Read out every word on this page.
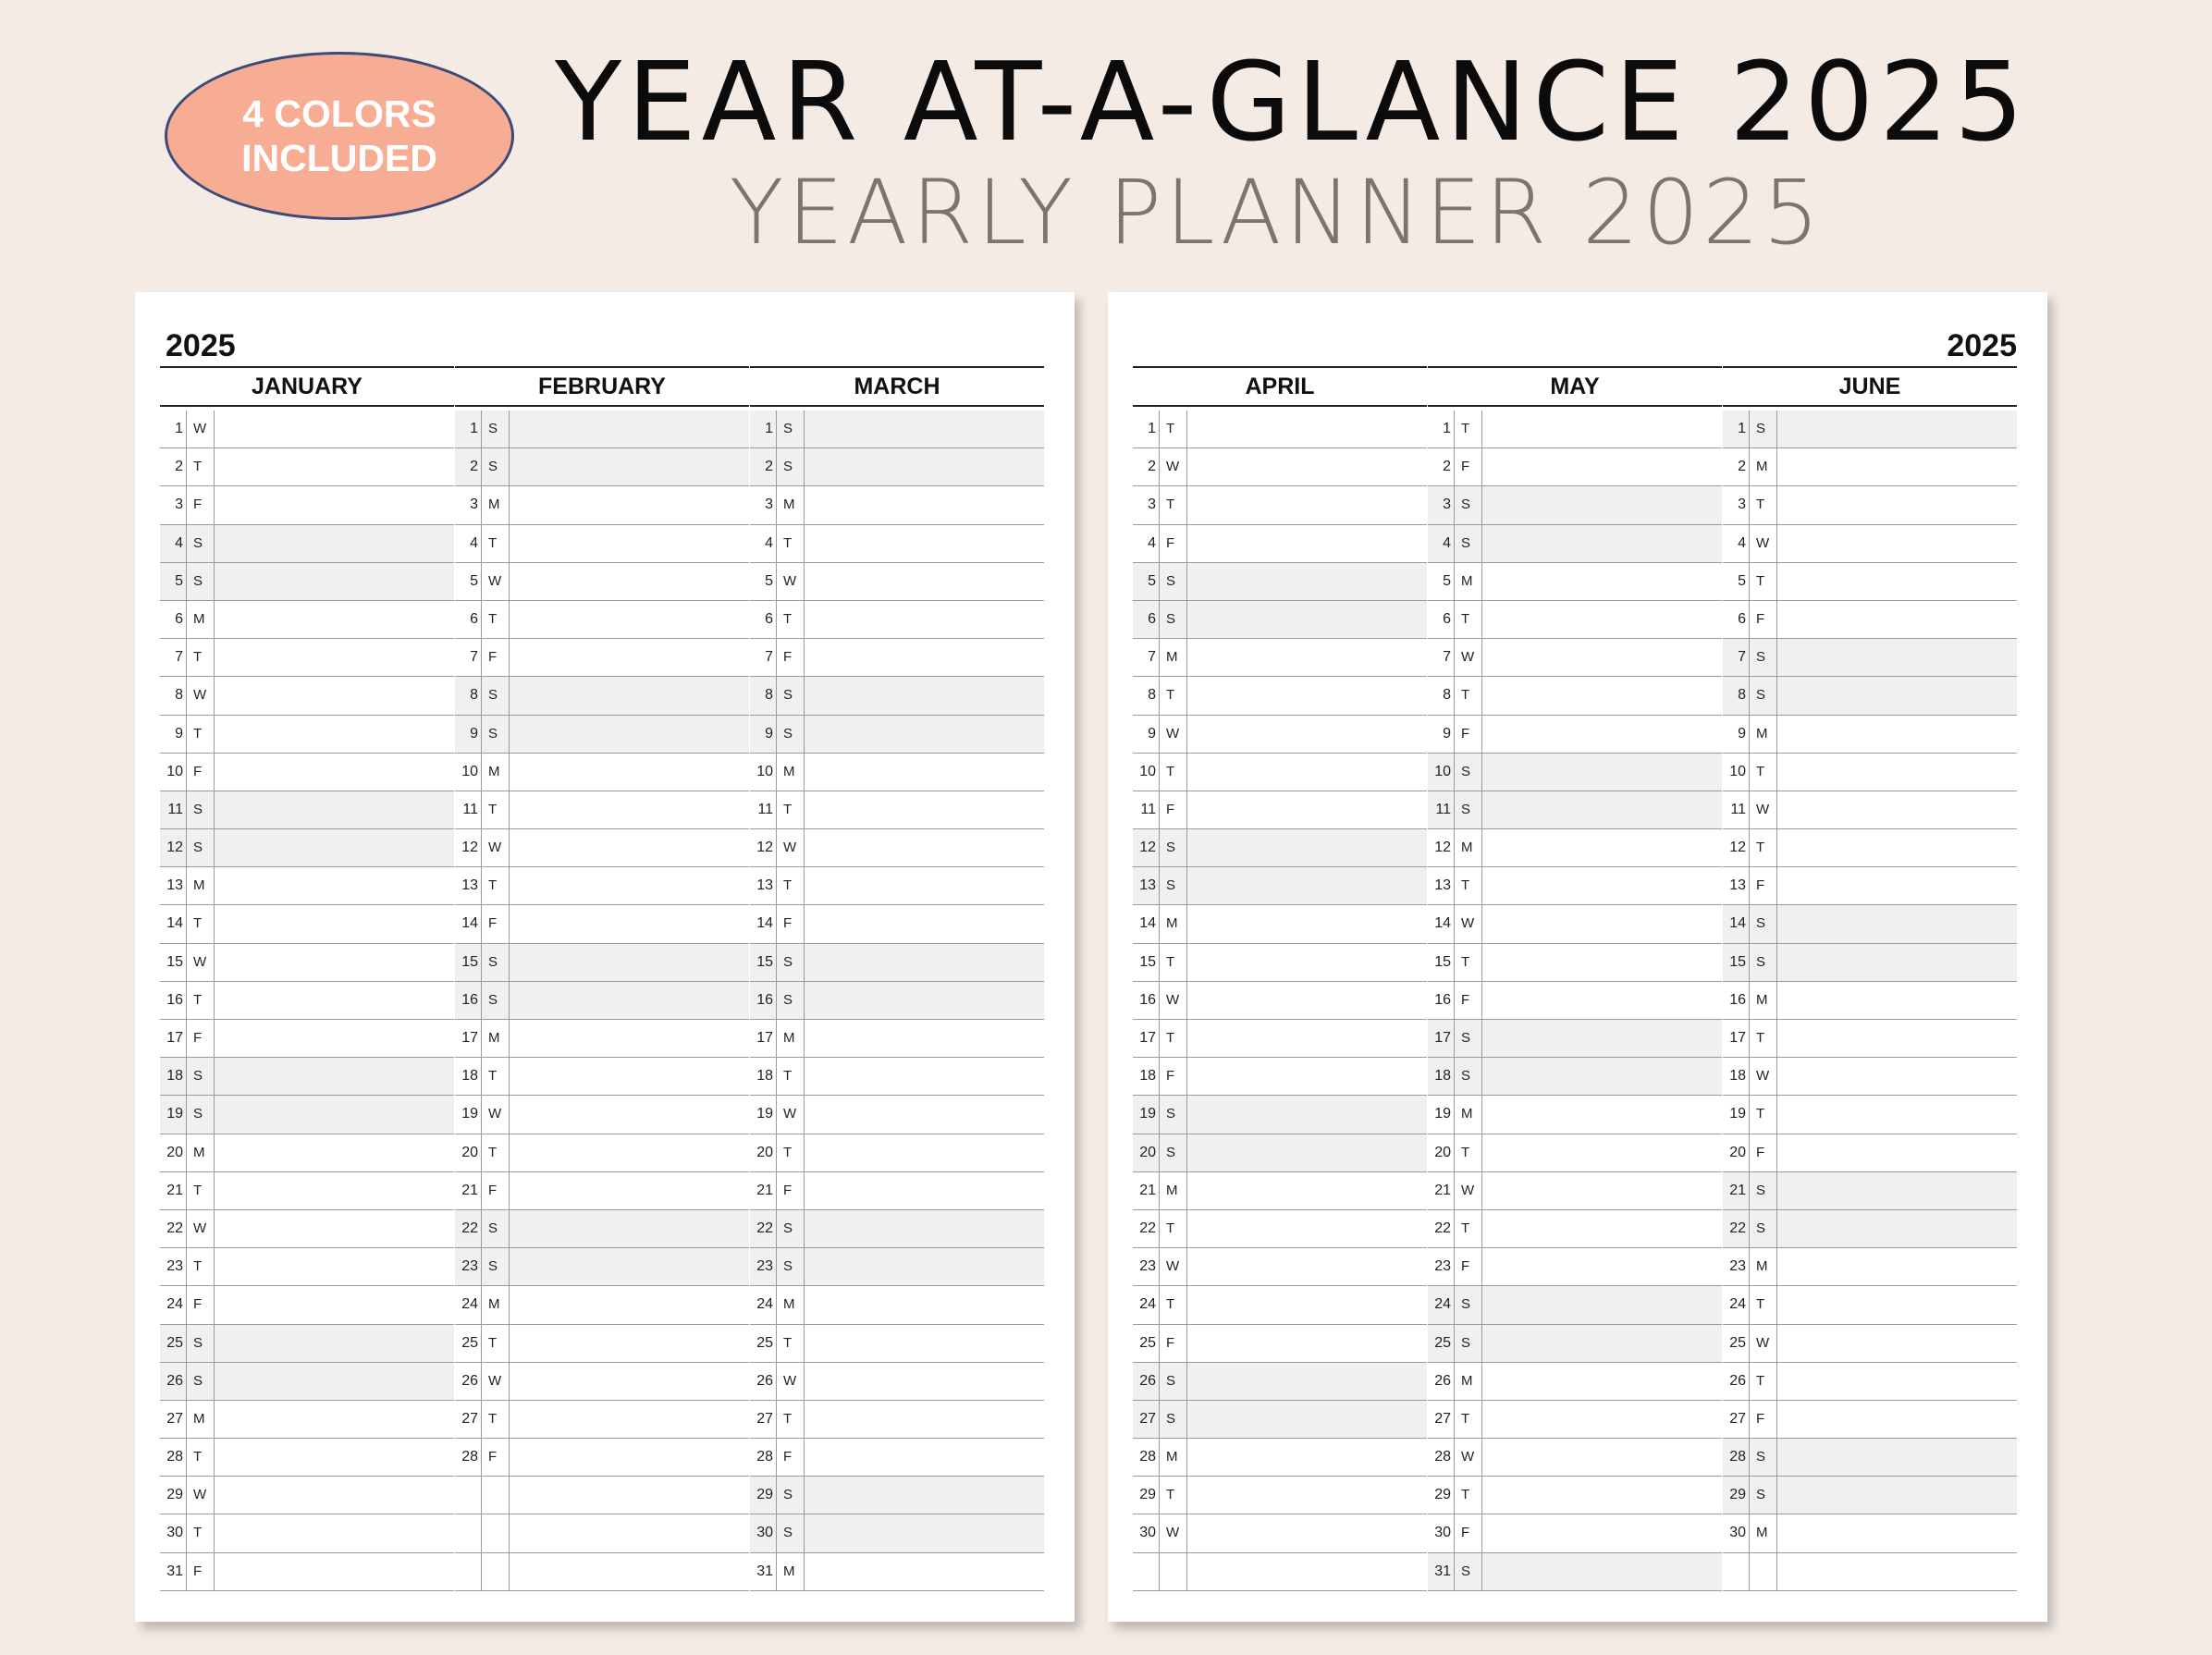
4 COLORS
INCLUDED YEAR AT-A-GLANCE 2025
YEARLY PLANNER 2025
2025
JANUARY
1 W
2 T
3 F
4 S
5 S
6 M
7 T
8 W
9 T
10 F
11 S
12 S
13 M
14 T
15 W
16 T
17 F
18 S
19 S
20 M
21 T
22 W
23 T
24 F
25 S
26 S
27 M
28 T
29 W
30 T
31 F
FEBRUARY
1 S
2 S
3 M
4 T
5 W
6 T
7 F
8 S
9 S
10 M
11 T
12 W
13 T
14 F
15 S
16 S
17 M
18 T
19 W
20 T
21 F
22 S
23 S
24 M
25 T
26 W
27 T
28 F
MARCH
1 S
2 S
3 M
4 T
5 W
6 T
7 F
8 S
9 S
10 M
11 T
12 W
13 T
14 F
15 S
16 S
17 M
18 T
19 W
20 T
21 F
22 S
23 S
24 M
25 T
26 W
27 T
28 F
29 S
30 S
31 M
2025
APRIL
1 T
2 W
3 T
4 F
5 S
6 S
7 M
8 T
9 W
10 T
11 F
12 S
13 S
14 M
15 T
16 W
17 T
18 F
19 S
20 S
21 M
22 T
23 W
24 T
25 F
26 S
27 S
28 M
29 T
30 W
MAY
1 T
2 F
3 S
4 S
5 M
6 T
7 W
8 T
9 F
10 S
11 S
12 M
13 T
14 W
15 T
16 F
17 S
18 S
19 M
20 T
21 W
22 T
23 F
24 S
25 S
26 M
27 T
28 W
29 T
30 F
31 S
JUNE
1 S
2 M
3 T
4 W
5 T
6 F
7 S
8 S
9 M
10 T
11 W
12 T
13 F
14 S
15 S
16 M
17 T
18 W
19 T
20 F
21 S
22 S
23 M
24 T
25 W
26 T
27 F
28 S
29 S
30 M
